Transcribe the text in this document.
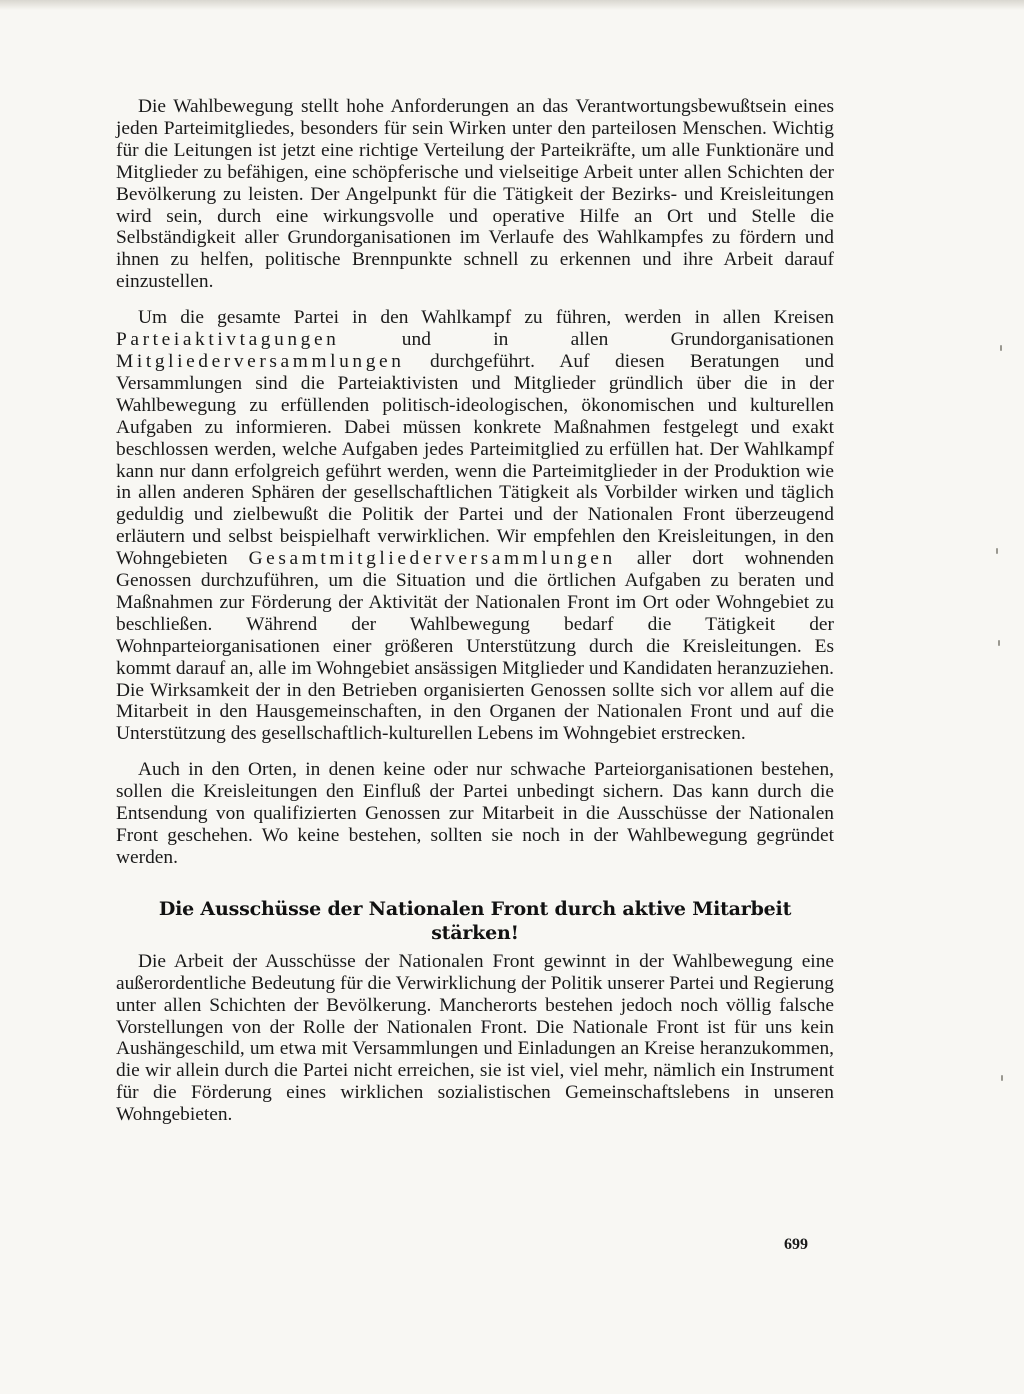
Die Wahlbewegung stellt hohe Anforderungen an das Verantwortungsbewußtsein eines jeden Parteimitgliedes, besonders für sein Wirken unter den parteilosen Menschen. Wichtig für die Leitungen ist jetzt eine richtige Verteilung der Parteikräfte, um alle Funktionäre und Mitglieder zu befähigen, eine schöpferische und vielseitige Arbeit unter allen Schichten der Bevölkerung zu leisten. Der Angelpunkt für die Tätigkeit der Bezirks- und Kreisleitungen wird sein, durch eine wirkungsvolle und operative Hilfe an Ort und Stelle die Selbständigkeit aller Grundorganisationen im Verlaufe des Wahlkampfes zu fördern und ihnen zu helfen, politische Brennpunkte schnell zu erkennen und ihre Arbeit darauf einzustellen.

Um die gesamte Partei in den Wahlkampf zu führen, werden in allen Kreisen Parteiaktivtagungen und in allen Grundorganisationen Mitgliederversammlungen durchgeführt. Auf diesen Beratungen und Versammlungen sind die Parteiaktivisten und Mitglieder gründlich über die in der Wahlbewegung zu erfüllenden politisch-ideologischen, ökonomischen und kulturellen Aufgaben zu informieren. Dabei müssen konkrete Maßnahmen festgelegt und exakt beschlossen werden, welche Aufgaben jedes Parteimitglied zu erfüllen hat. Der Wahlkampf kann nur dann erfolgreich geführt werden, wenn die Parteimitglieder in der Produktion wie in allen anderen Sphären der gesellschaftlichen Tätigkeit als Vorbilder wirken und täglich geduldig und zielbewußt die Politik der Partei und der Nationalen Front überzeugend erläutern und selbst beispielhaft verwirklichen. Wir empfehlen den Kreisleitungen, in den Wohngebieten Gesamtmitgliederversammlungen aller dort wohnenden Genossen durchzuführen, um die Situation und die örtlichen Aufgaben zu beraten und Maßnahmen zur Förderung der Aktivität der Nationalen Front im Ort oder Wohngebiet zu beschließen. Während der Wahlbewegung bedarf die Tätigkeit der Wohnparteiorganisationen einer größeren Unterstützung durch die Kreisleitungen. Es kommt darauf an, alle im Wohngebiet ansässigen Mitglieder und Kandidaten heranzuziehen. Die Wirksamkeit der in den Betrieben organisierten Genossen sollte sich vor allem auf die Mitarbeit in den Hausgemeinschaften, in den Organen der Nationalen Front und auf die Unterstützung des gesellschaftlich-kulturellen Lebens im Wohngebiet erstrecken.

Auch in den Orten, in denen keine oder nur schwache Parteiorganisationen bestehen, sollen die Kreisleitungen den Einfluß der Partei unbedingt sichern. Das kann durch die Entsendung von qualifizierten Genossen zur Mitarbeit in die Ausschüsse der Nationalen Front geschehen. Wo keine bestehen, sollten sie noch in der Wahlbewegung gegründet werden.

Die Ausschüsse der Nationalen Front durch aktive Mitarbeit stärken!

Die Arbeit der Ausschüsse der Nationalen Front gewinnt in der Wahlbewegung eine außerordentliche Bedeutung für die Verwirklichung der Politik unserer Partei und Regierung unter allen Schichten der Bevölkerung. Mancherorts bestehen jedoch noch völlig falsche Vorstellungen von der Rolle der Nationalen Front. Die Nationale Front ist für uns kein Aushängeschild, um etwa mit Versammlungen und Einladungen an Kreise heranzukommen, die wir allein durch die Partei nicht erreichen, sie ist viel, viel mehr, nämlich ein Instrument für die Förderung eines wirklichen sozialistischen Gemeinschaftslebens in unseren Wohngebieten.

699
